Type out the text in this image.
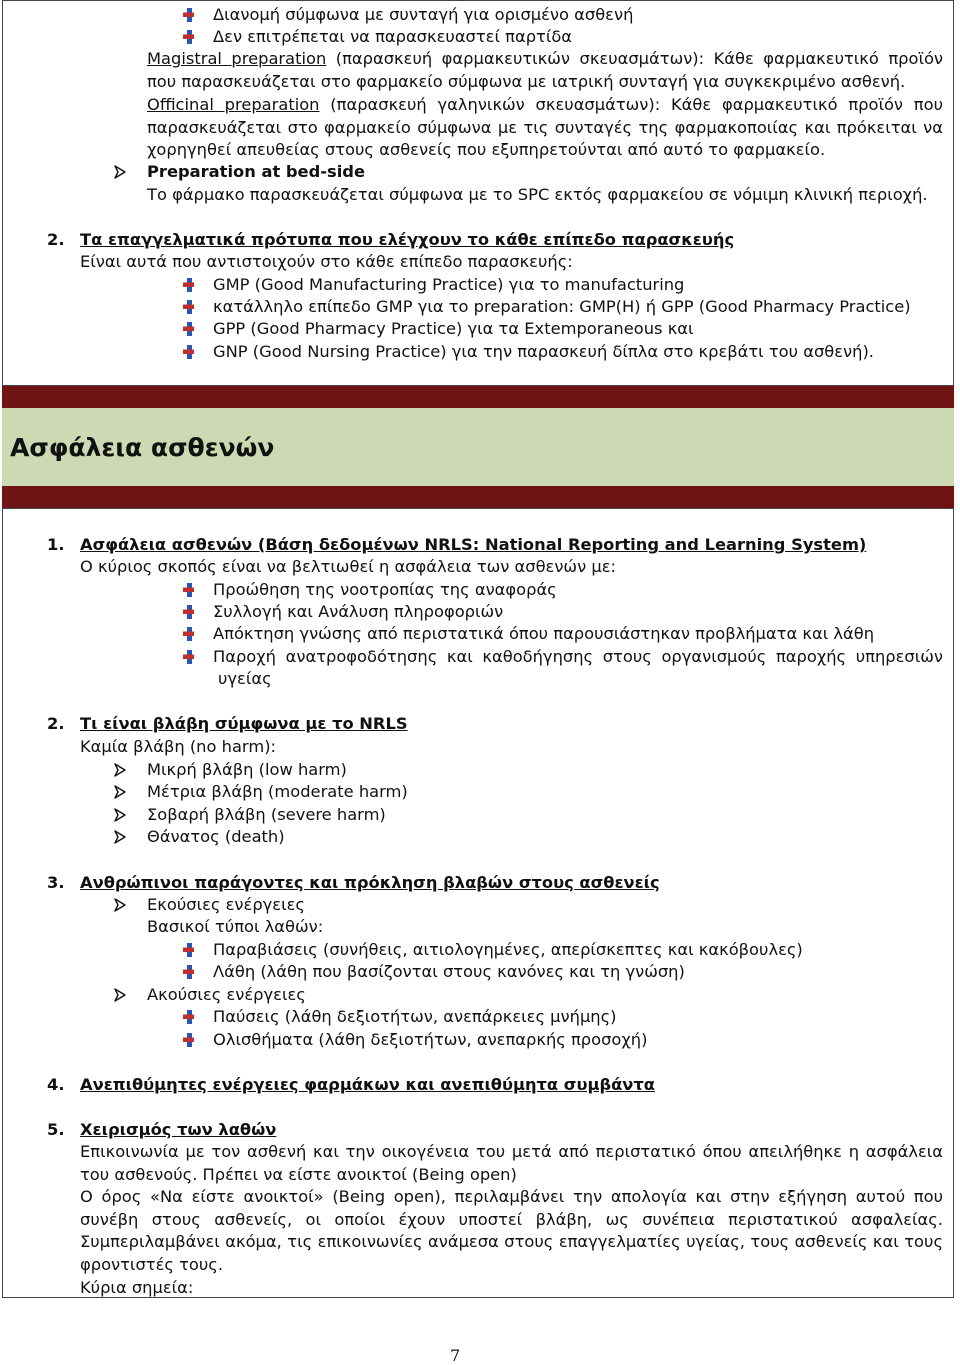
Ασφάλεια ασθενών
Διανομή σύμφωνα με συνταγή για ορισμένο ασθενή
Δεν επιτρέπεται να παρασκευαστεί παρτίδα
Magistral preparation (παρασκευή φαρμακευτικών σκευασμάτων): Κάθε φαρμακευτικό προϊόν που παρασκευάζεται στο φαρμακείο σύμφωνα με ιατρική συνταγή για συγκεκριμένο ασθενή.
Officinal preparation (παρασκευή γαληνικών σκευασμάτων): Κάθε φαρμακευτικό προϊόν που παρασκευάζεται στο φαρμακείο σύμφωνα με τις συνταγές της φαρμακοποιίας και πρόκειται να χορηγηθεί απευθείας στους ασθενείς που εξυπηρετούνται από αυτό το φαρμακείο.
Preparation at bed-side
Το φάρμακο παρασκευάζεται σύμφωνα με το SPC εκτός φαρμακείου σε νόμιμη κλινική περιοχή.
2. Τα επαγγελματικά πρότυπα που ελέγχουν το κάθε επίπεδο παρασκευής
Είναι αυτά που αντιστοιχούν στο κάθε επίπεδο παρασκευής:
GMP (Good Manufacturing Practice) για το manufacturing
κατάλληλο επίπεδο GMP για το preparation: GMP(H) ή GPP (Good Pharmacy Practice)
GPP (Good Pharmacy Practice) για τα Extemporaneous και
GNP (Good Nursing Practice) για την παρασκευή δίπλα στο κρεβάτι του ασθενή).
1. Ασφάλεια ασθενών (Βάση δεδομένων NRLS: National Reporting and Learning System)
Ο κύριος σκοπός είναι να βελτιωθεί η ασφάλεια των ασθενών με:
Προώθηση της νοοτροπίας της αναφοράς
Συλλογή και Ανάλυση πληροφοριών
Απόκτηση γνώσης από περιστατικά όπου παρουσιάστηκαν προβλήματα και λάθη
Παροχή ανατροφοδότησης και καθοδήγησης στους οργανισμούς παροχής υπηρεσιών
υγείας
2. Τι είναι βλάβη σύμφωνα με το NRLS
Καμία βλάβη (no harm):
Μικρή βλάβη (low harm)
Μέτρια βλάβη (moderate harm)
Σοβαρή βλάβη (severe harm)
Θάνατος (death)
3. Ανθρώπινοι παράγοντες και πρόκληση βλαβών στους ασθενείς
Εκούσιες ενέργειες
Βασικοί τύποι λαθών:
Παραβιάσεις (συνήθεις, αιτιολογημένες, απερίσκεπτες και κακόβουλες)
Λάθη (λάθη που βασίζονται στους κανόνες και τη γνώση)
Ακούσιες ενέργειες
Παύσεις (λάθη δεξιοτήτων, ανεπάρκειες μνήμης)
Ολισθήματα (λάθη δεξιοτήτων, ανεπαρκής προσοχή)
4. Ανεπιθύμητες ενέργειες φαρμάκων και ανεπιθύμητα συμβάντα
5. Χειρισμός των λαθών
Επικοινωνία με τον ασθενή και την οικογένεια του μετά από περιστατικό όπου απειλήθηκε η ασφάλεια του ασθενούς. Πρέπει να είστε ανοικτοί (Being open)
Ο όρος «Να είστε ανοικτοί» (Being open), περιλαμβάνει την απολογία και στην εξήγηση αυτού που συνέβη στους ασθενείς, οι οποίοι έχουν υποστεί βλάβη, ως συνέπεια περιστατικού ασφαλείας. Συμπεριλαμβάνει ακόμα, τις επικοινωνίες ανάμεσα στους επαγγελματίες υγείας, τους ασθενείς και τους φροντιστές τους.
Κύρια σημεία:
7
